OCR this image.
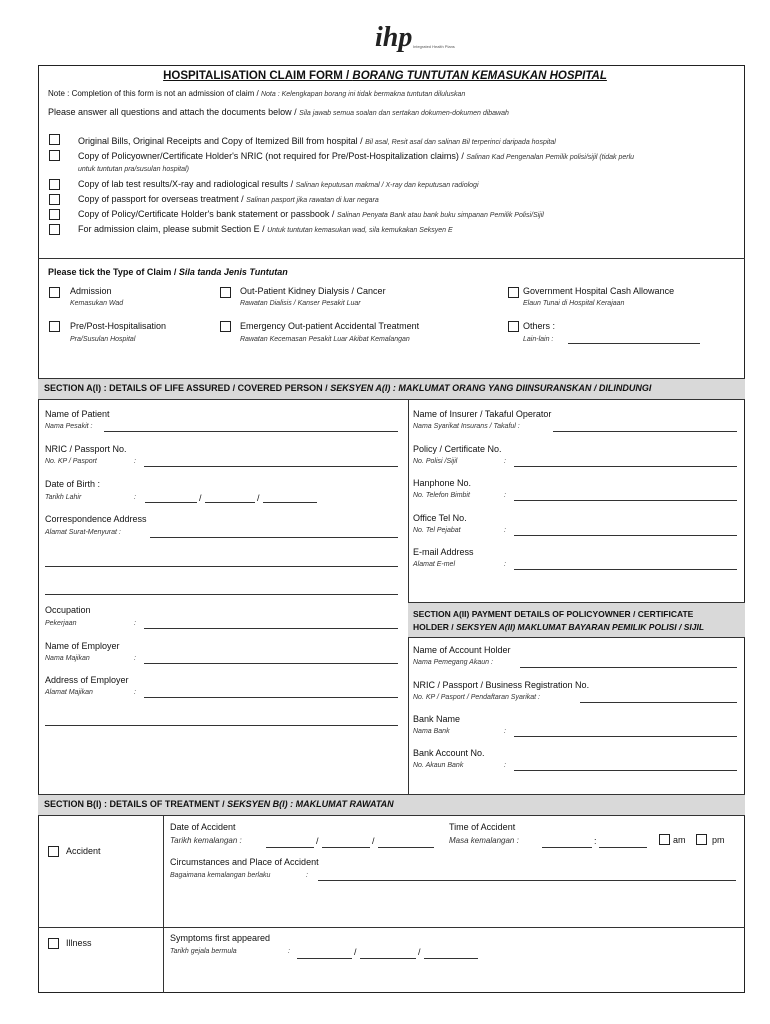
ihp Integrated Health Plans
HOSPITALISATION CLAIM FORM / BORANG TUNTUTAN KEMASUKAN HOSPITAL
Note : Completion of this form is not an admission of claim / Nota : Kelengkapan borang ini tidak bermakna tuntutan diluluskan
Please answer all questions and attach the documents below / Sila jawab semua soalan dan sertakan dokumen-dokumen dibawah
Original Bills, Original Receipts and Copy of Itemized Bill from hospital / Bil asal, Resit asal dan salinan Bil terperinci daripada hospital
Copy of Policyowner/Certificate Holder's NRIC (not required for Pre/Post-Hospitalization claims) / Salinan Kad Pengenalan Pemilik polisi/sijil (tidak perlu
untuk tuntutan pra/susulan hospital)
Copy of lab test results/X-ray and radiological results / Salinan keputusan makmal / X-ray dan keputusan radiologi
Copy of passport for overseas treatment / Salinan pasport jika rawatan di luar negara
Copy of Policy/Certificate Holder's bank statement or passbook / Salinan Penyata Bank atau bank buku simpanan Pemilik Polisi/Sijil
For admission claim, please submit Section E / Untuk tuntutan kemasukan wad, sila kemukakan Seksyen E
Please tick the Type of Claim / Sila tanda Jenis Tuntutan
Admission
Kemasukan Wad
Out-Patient Kidney Dialysis / Cancer
Rawatan Dialisis / Kanser Pesakit Luar
Government Hospital Cash Allowance
Elaun Tunai di Hospital Kerajaan
Pre/Post-Hospitalisation
Pra/Susulan Hospital
Emergency Out-patient Accidental Treatment
Rawatan Kecemasan Pesakit Luar Akibat Kemalangan
Others :
Lain-lain :
SECTION A(I) : DETAILS OF LIFE ASSURED / COVERED PERSON / SEKSYEN A(I) : MAKLUMAT ORANG YANG DIINSURANSKAN / DILINDUNGI
Name of Patient
Nama Pesakit :
NRIC / Passport No.
No. KP / Pasport	:
Date of Birth :
Tarikh Lahir	:	/	/
Correspondence Address
Alamat Surat-Menyurat :
Occupation
Pekerjaan	:
Name of Employer
Nama Majikan	:
Address of Employer
Alamat Majikan	:
Name of Insurer / Takaful Operator
Nama Syarikat Insurans / Takaful :
Policy / Certificate No.
No. Polisi /Sijil	:
Hanphone No.
No. Telefon Bimbit	:
Office Tel No.
No. Tel Pejabat	:
E-mail Address
Alamat E-mel	:
SECTION A(II) PAYMENT DETAILS OF POLICYOWNER / CERTIFICATE
HOLDER / SEKSYEN A(II) MAKLUMAT BAYARAN PEMILIK POLISI / SIJIL
Name of Account Holder
Nama Pemegang Akaun :
NRIC / Passport / Business Registration No.
No. KP / Pasport / Pendaftaran Syarikat :
Bank Name
Nama Bank	:
Bank Account No.
No. Akaun Bank	:
SECTION B(I) : DETAILS OF TREATMENT / SEKSYEN B(I) : MAKLUMAT RAWATAN
Accident
Date of Accident
Tarikh kemalangan :	/	/
Time of Accident
Masa kemalangan :	:	am	pm
Circumstances and Place of Accident
Bagaimana kemalangan berlaku	:
Illness	Symptoms first appeared
Tarikh gejala bermula	:	/	/
